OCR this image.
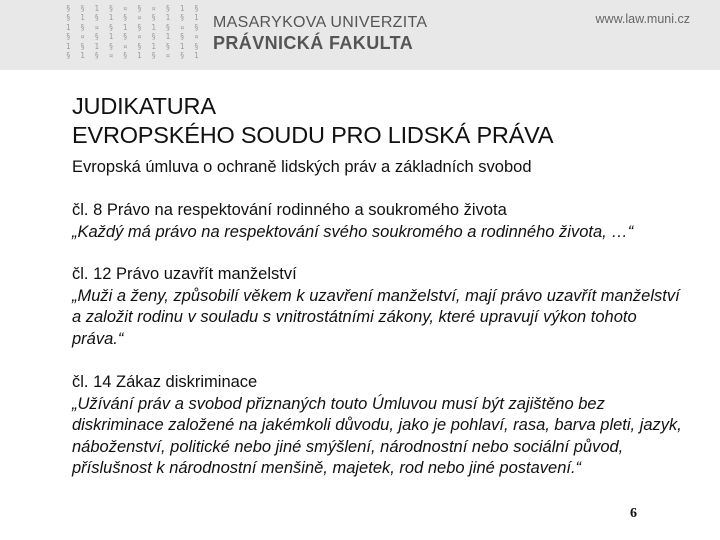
§ § 1 § ¤ § ¤ § 1 §
§ 1 § 1 § ¤ § 1 § 1
1 § ¤ § 1 § 1 § ¤ §
§ ¤ § 1 § ¤ § 1 § ¤
1 § 1 § ¤ § 1 § 1 §
§ 1 § ¤ § 1 § ¤ § 1
MASARYKOVA UNIVERZITA
PRÁVNICKÁ FAKULTA
www.law.muni.cz
JUDIKATURA
EVROPSKÉHO SOUDU PRO LIDSKÁ PRÁVA
Evropská úmluva o ochraně lidských práv a základních svobod
čl. 8 Právo na respektování rodinného a soukromého života
„Každý má právo na respektování svého soukromého a rodinného života, …“
čl. 12 Právo uzavřít manželství
„Muži a ženy, způsobilí věkem k uzavření manželství, mají právo uzavřít manželství a založit rodinu v souladu s vnitrostátními zákony, které upravují výkon tohoto práva.“
čl. 14 Zákaz diskriminace
„Užívání práv a svobod přiznaných touto Úmluvou musí být zajištěno bez diskriminace založené na jakémkoli důvodu, jako je pohlaví, rasa, barva pleti, jazyk, náboženství, politické nebo jiné smýšlení, národnostní nebo sociální původ, příslušnost k národnostní menšině, majetek, rod nebo jiné postavení.“
6
